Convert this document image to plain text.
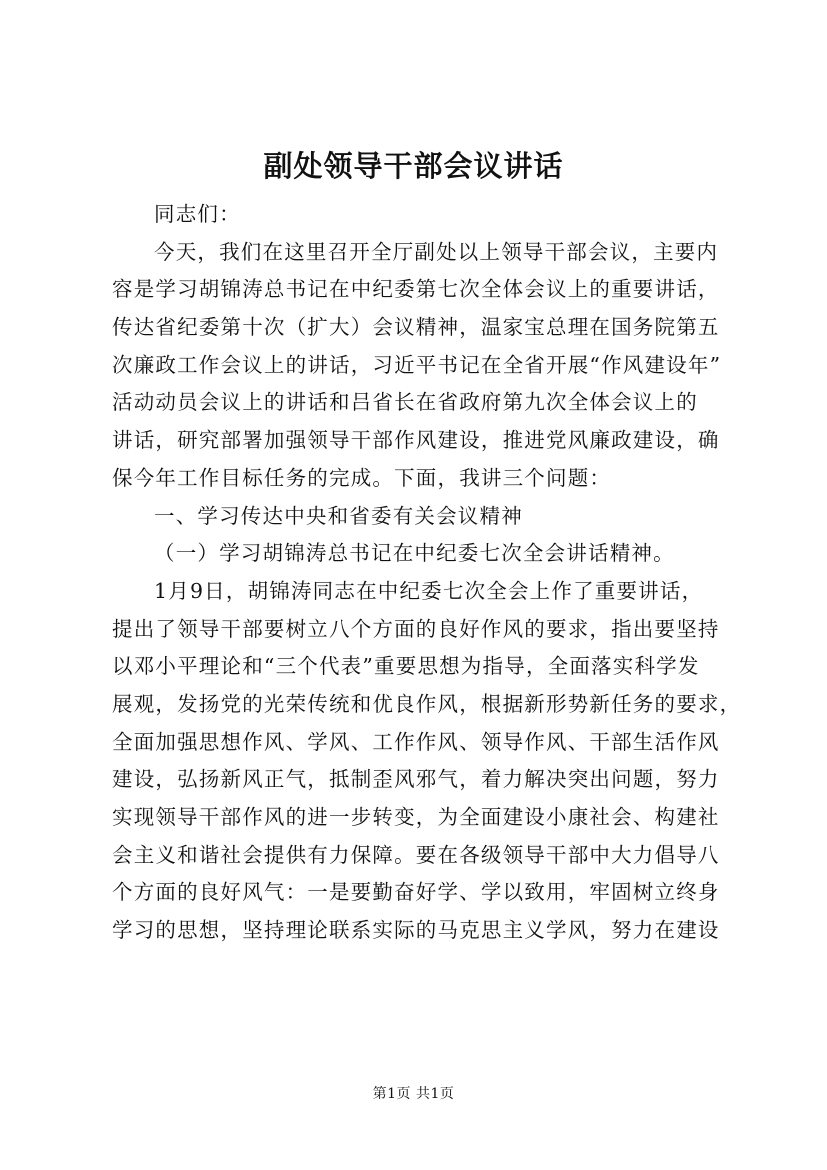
副处领导干部会议讲话
同志们：
今天，我们在这里召开全厅副处以上领导干部会议，主要内
容是学习胡锦涛总书记在中纪委第七次全体会议上的重要讲话，
传达省纪委第十次（扩大）会议精神，温家宝总理在国务院第五
次廉政工作会议上的讲话，习近平书记在全省开展“作风建设年”
活动动员会议上的讲话和吕省长在省政府第九次全体会议上的
讲话，研究部署加强领导干部作风建设，推进党风廉政建设，确
保今年工作目标任务的完成。下面，我讲三个问题：
一、学习传达中央和省委有关会议精神
（一）学习胡锦涛总书记在中纪委七次全会讲话精神。
1月9日，胡锦涛同志在中纪委七次全会上作了重要讲话，
提出了领导干部要树立八个方面的良好作风的要求，指出要坚持
以邓小平理论和“三个代表”重要思想为指导，全面落实科学发
展观，发扬党的光荣传统和优良作风，根据新形势新任务的要求，
全面加强思想作风、学风、工作作风、领导作风、干部生活作风
建设，弘扬新风正气，抵制歪风邪气，着力解决突出问题，努力
实现领导干部作风的进一步转变，为全面建设小康社会、构建社
会主义和谐社会提供有力保障。要在各级领导干部中大力倡导八
个方面的良好风气：一是要勤奋好学、学以致用，牢固树立终身
学习的思想，坚持理论联系实际的马克思主义学风，努力在建设
第1页 共1页
